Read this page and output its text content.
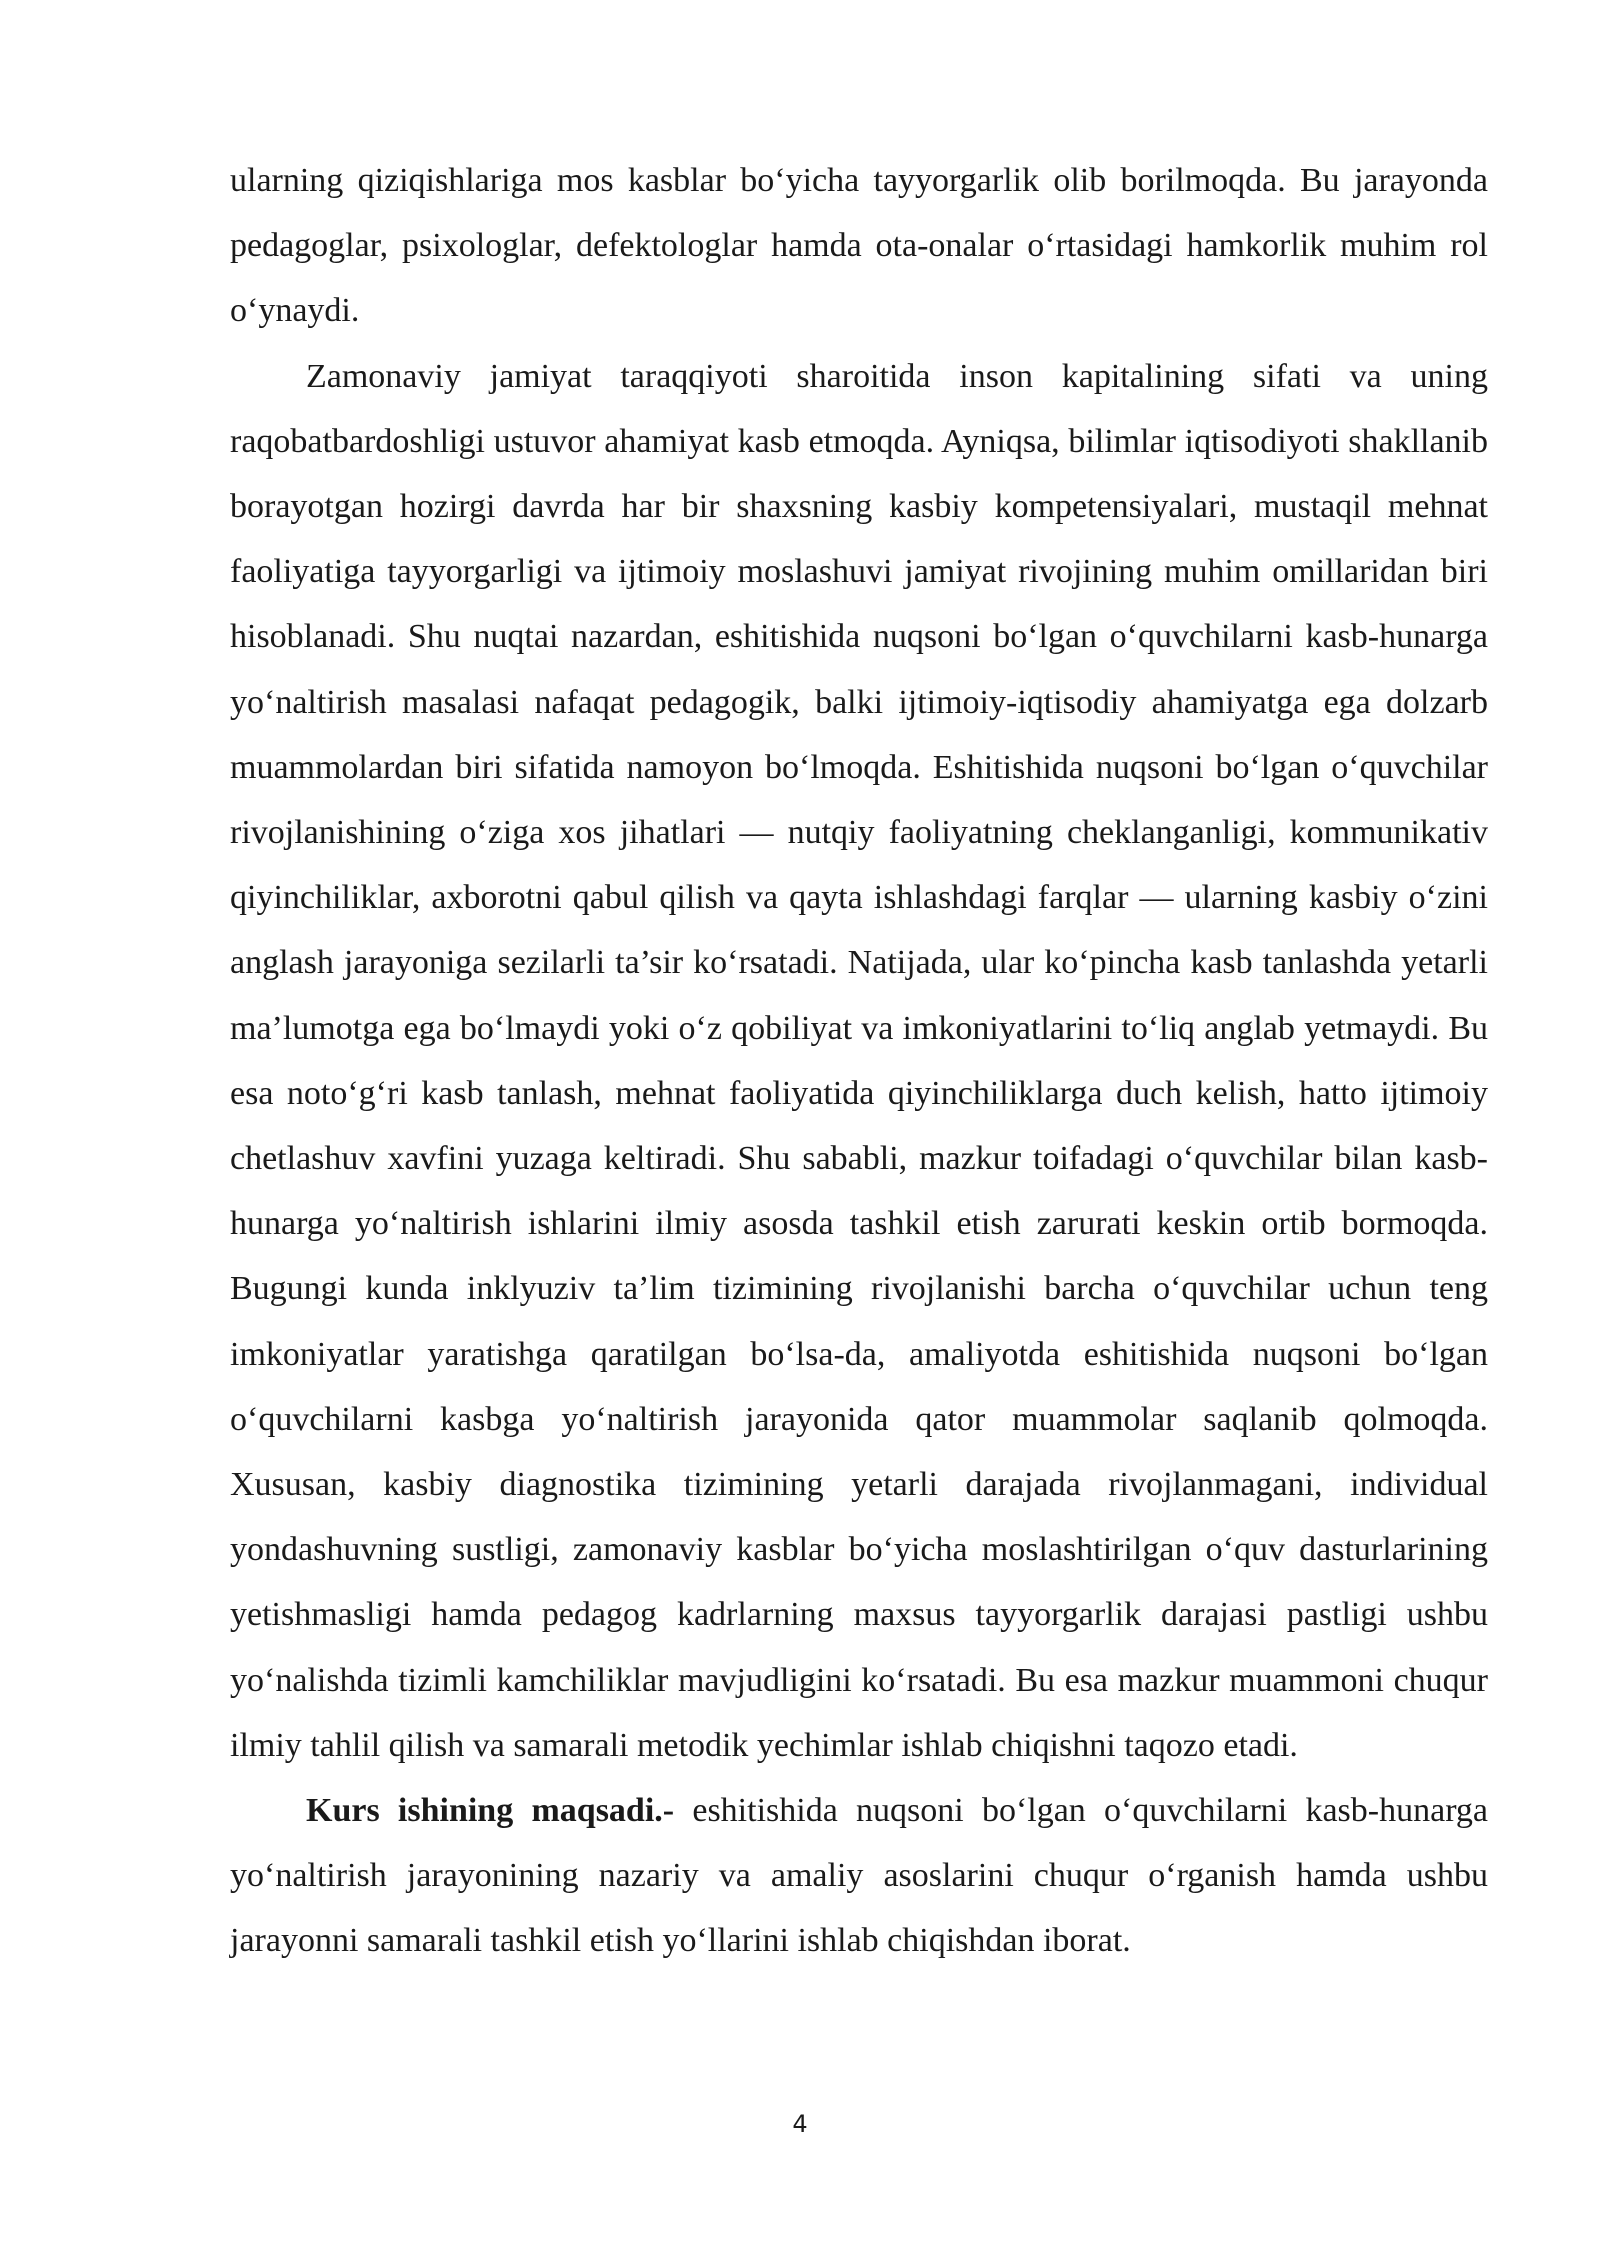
ularning qiziqishlariga mos kasblar bo‘yicha tayyorgarlik olib borilmoqda. Bu jarayonda pedagoglar, psixologlar, defektologlar hamda ota-onalar o‘rtasidagi hamkorlik muhim rol o‘ynaydi.

Zamonaviy jamiyat taraqqiyoti sharoitida inson kapitalining sifati va uning raqobatbardoshligi ustuvor ahamiyat kasb etmoqda. Ayniqsa, bilimlar iqtisodiyoti shakllanib borayotgan hozirgi davrda har bir shaxsning kasbiy kompetensiyalari, mustaqil mehnat faoliyatiga tayyorgarligi va ijtimoiy moslashuvi jamiyat rivojining muhim omillaridan biri hisoblanadi. Shu nuqtai nazardan, eshitishida nuqsoni bo‘lgan o‘quvchilarni kasb-hunarga yo‘naltirish masalasi nafaqat pedagogik, balki ijtimoiy-iqtisodiy ahamiyatga ega dolzarb muammolardan biri sifatida namoyon bo‘lmoqda. Eshitishida nuqsoni bo‘lgan o‘quvchilar rivojlanishining o‘ziga xos jihatlari — nutqiy faoliyatning cheklanganligi, kommunikativ qiyinchiliklar, axborotni qabul qilish va qayta ishlashdagi farqlar — ularning kasbiy o‘zini anglash jarayoniga sezilarli ta’sir ko‘rsatadi. Natijada, ular ko‘pincha kasb tanlashda yetarli ma’lumotga ega bo‘lmaydi yoki o‘z qobiliyat va imkoniyatlarini to‘liq anglab yetmaydi. Bu esa noto‘g‘ri kasb tanlash, mehnat faoliyatida qiyinchiliklarga duch kelish, hatto ijtimoiy chetlashuv xavfini yuzaga keltiradi. Shu sababli, mazkur toifadagi o‘quvchilar bilan kasb-hunarga yo‘naltirish ishlarini ilmiy asosda tashkil etish zarurati keskin ortib bormoqda. Bugungi kunda inklyuziv ta’lim tizimining rivojlanishi barcha o‘quvchilar uchun teng imkoniyatlar yaratishga qaratilgan bo‘lsa-da, amaliyotda eshitishida nuqsoni bo‘lgan o‘quvchilarni kasbga yo‘naltirish jarayonida qator muammolar saqlanib qolmoqda. Xususan, kasbiy diagnostika tizimining yetarli darajada rivojlanmagani, individual yondashuvning sustligi, zamonaviy kasblar bo‘yicha moslashtirilgan o‘quv dasturlarining yetishmasligi hamda pedagog kadrlarning maxsus tayyorgarlik darajasi pastligi ushbu yo‘nalishda tizimli kamchiliklar mavjudligini ko‘rsatadi. Bu esa mazkur muammoni chuqur ilmiy tahlil qilish va samarali metodik yechimlar ishlab chiqishni taqozo etadi.

Kurs ishining maqsadi.- eshitishida nuqsoni bo‘lgan o‘quvchilarni kasb-hunarga yo‘naltirish jarayonining nazariy va amaliy asoslarini chuqur o‘rganish hamda ushbu jarayonni samarali tashkil etish yo‘llarini ishlab chiqishdan iborat.

4
